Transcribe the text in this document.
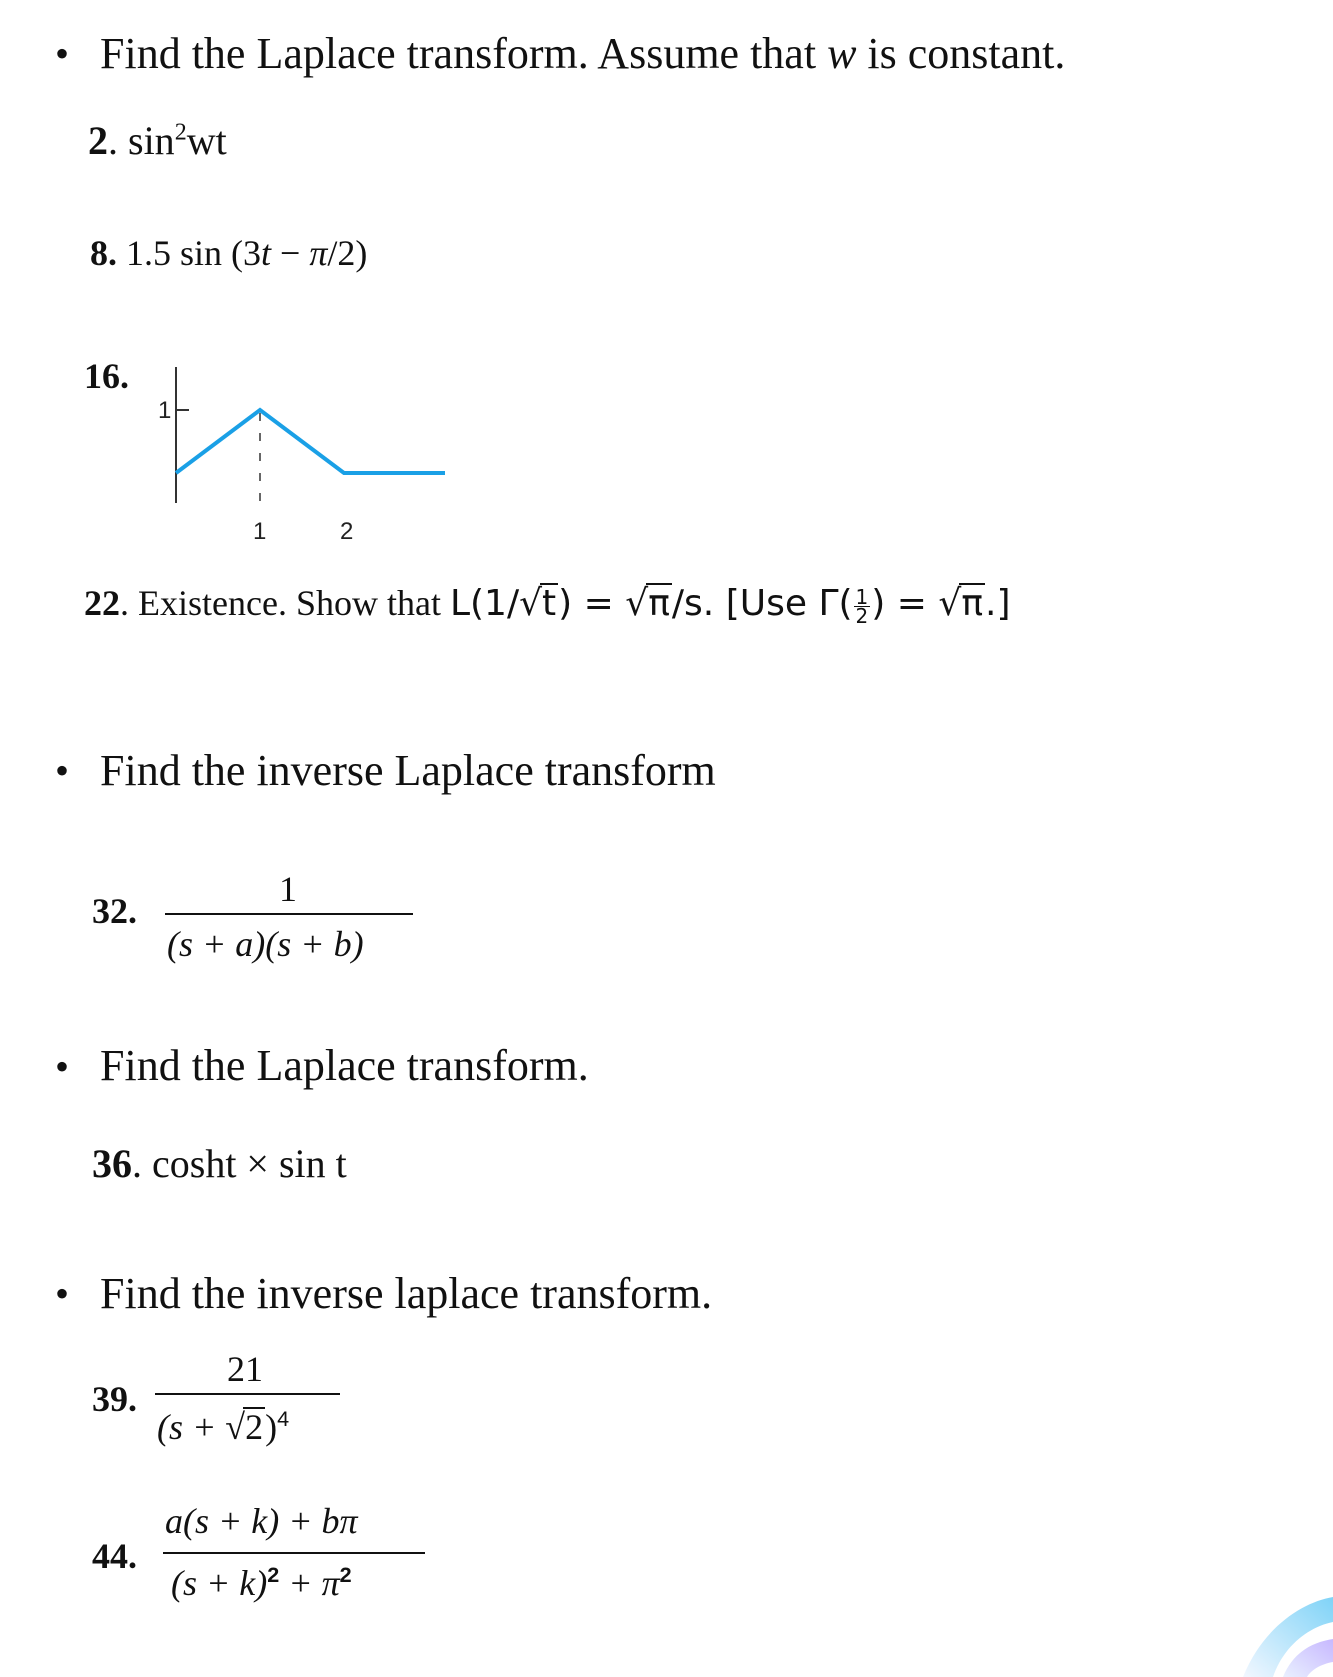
• Find the Laplace transform. Assume that w is constant.
2. $\sin^2wt$
8. 1.5 sin (3t − π/2)
16.
1
1	2
22. Existence. Show that L(1/√t) = √π/s. [Use $\Gamma( \frac{1}{2}$ ) = √π.]
• Find the inverse Laplace transform
32.
1
(s + a)(s + b)
• Find the Laplace transform.
36. cosht × sin t
• Find the inverse laplace transform.
39.
21
$(s + √2)^4$
44.
a(s + k) + bπ
$(s + k)^2 + \pi^2$
